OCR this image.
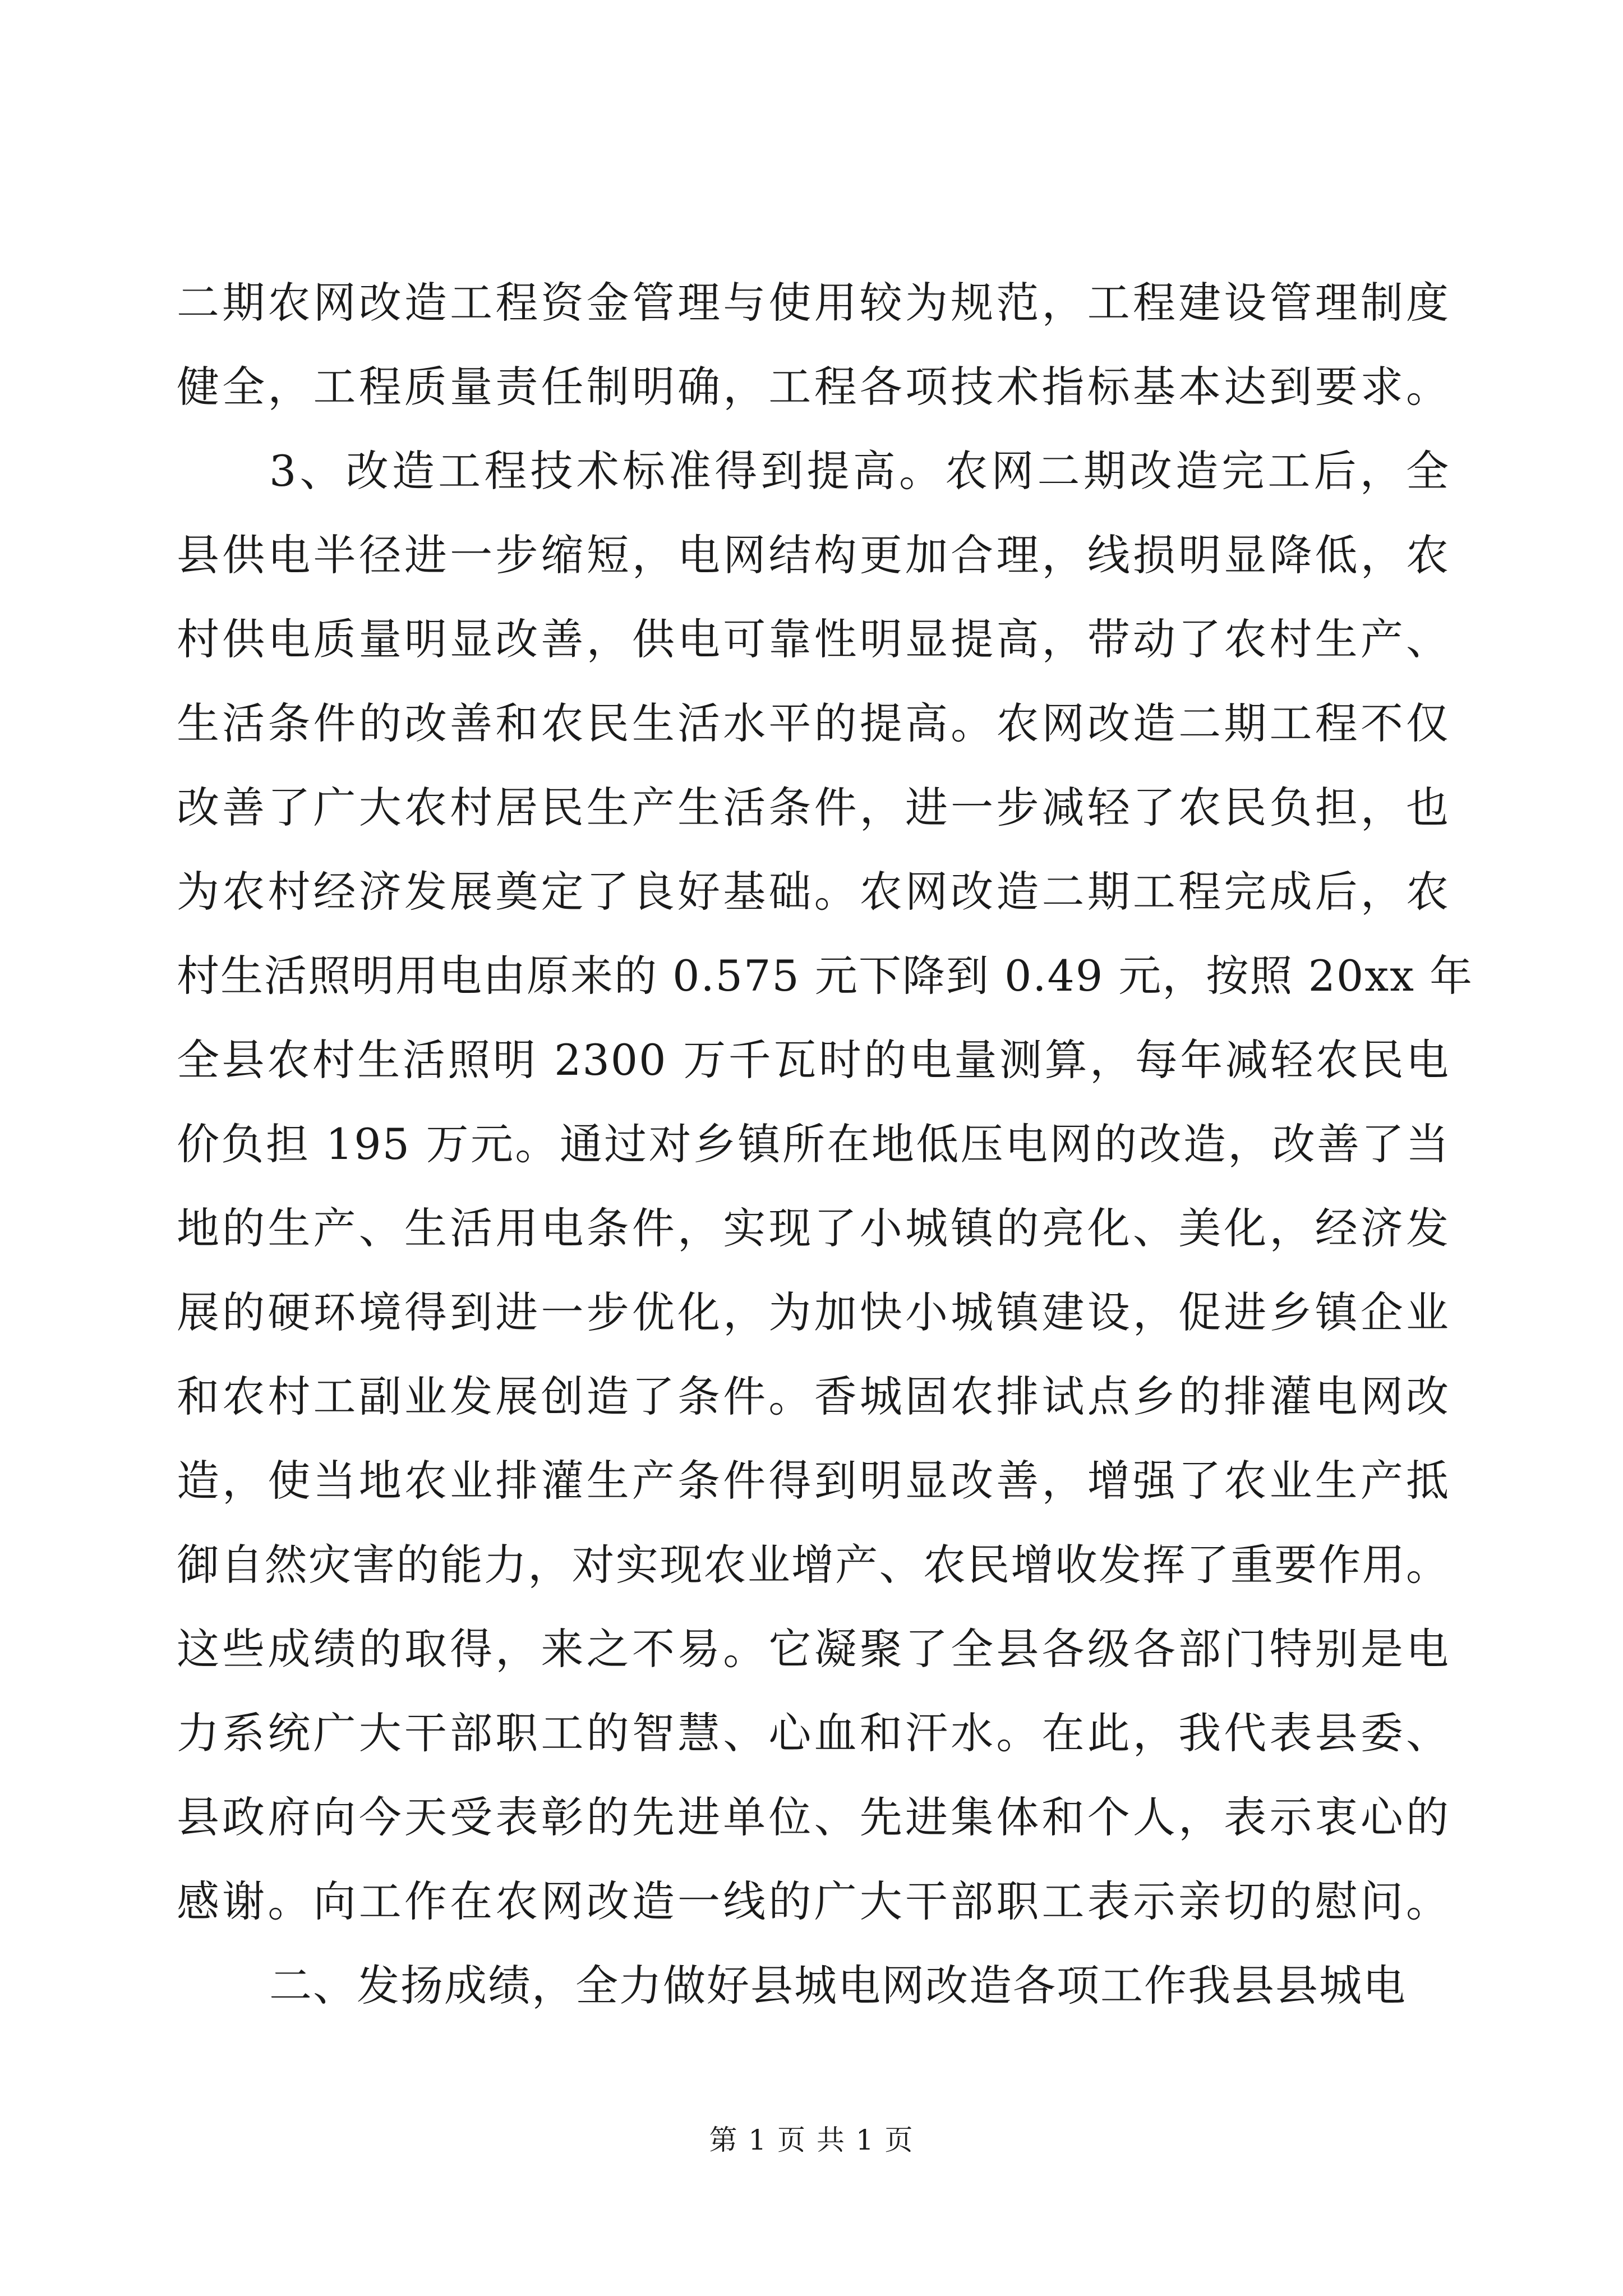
二期农网改造工程资金管理与使用较为规范，工程建设管理制度
健全，工程质量责任制明确，工程各项技术指标基本达到要求。
3、改造工程技术标准得到提高。农网二期改造完工后，全
县供电半径进一步缩短，电网结构更加合理，线损明显降低，农
村供电质量明显改善，供电可靠性明显提高，带动了农村生产、
生活条件的改善和农民生活水平的提高。农网改造二期工程不仅
改善了广大农村居民生产生活条件，进一步减轻了农民负担，也
为农村经济发展奠定了良好基础。农网改造二期工程完成后，农
村生活照明用电由原来的 0.575 元下降到 0.49 元，按照 20xx 年
全县农村生活照明 2300 万千瓦时的电量测算，每年减轻农民电
价负担 195 万元。通过对乡镇所在地低压电网的改造，改善了当
地的生产、生活用电条件，实现了小城镇的亮化、美化，经济发
展的硬环境得到进一步优化，为加快小城镇建设，促进乡镇企业
和农村工副业发展创造了条件。香城固农排试点乡的排灌电网改
造，使当地农业排灌生产条件得到明显改善，增强了农业生产抵
御自然灾害的能力，对实现农业增产、农民增收发挥了重要作用。
这些成绩的取得，来之不易。它凝聚了全县各级各部门特别是电
力系统广大干部职工的智慧、心血和汗水。在此，我代表县委、
县政府向今天受表彰的先进单位、先进集体和个人，表示衷心的
感谢。向工作在农网改造一线的广大干部职工表示亲切的慰问。
二、发扬成绩，全力做好县城电网改造各项工作我县县城电
第 1 页 共 1 页
